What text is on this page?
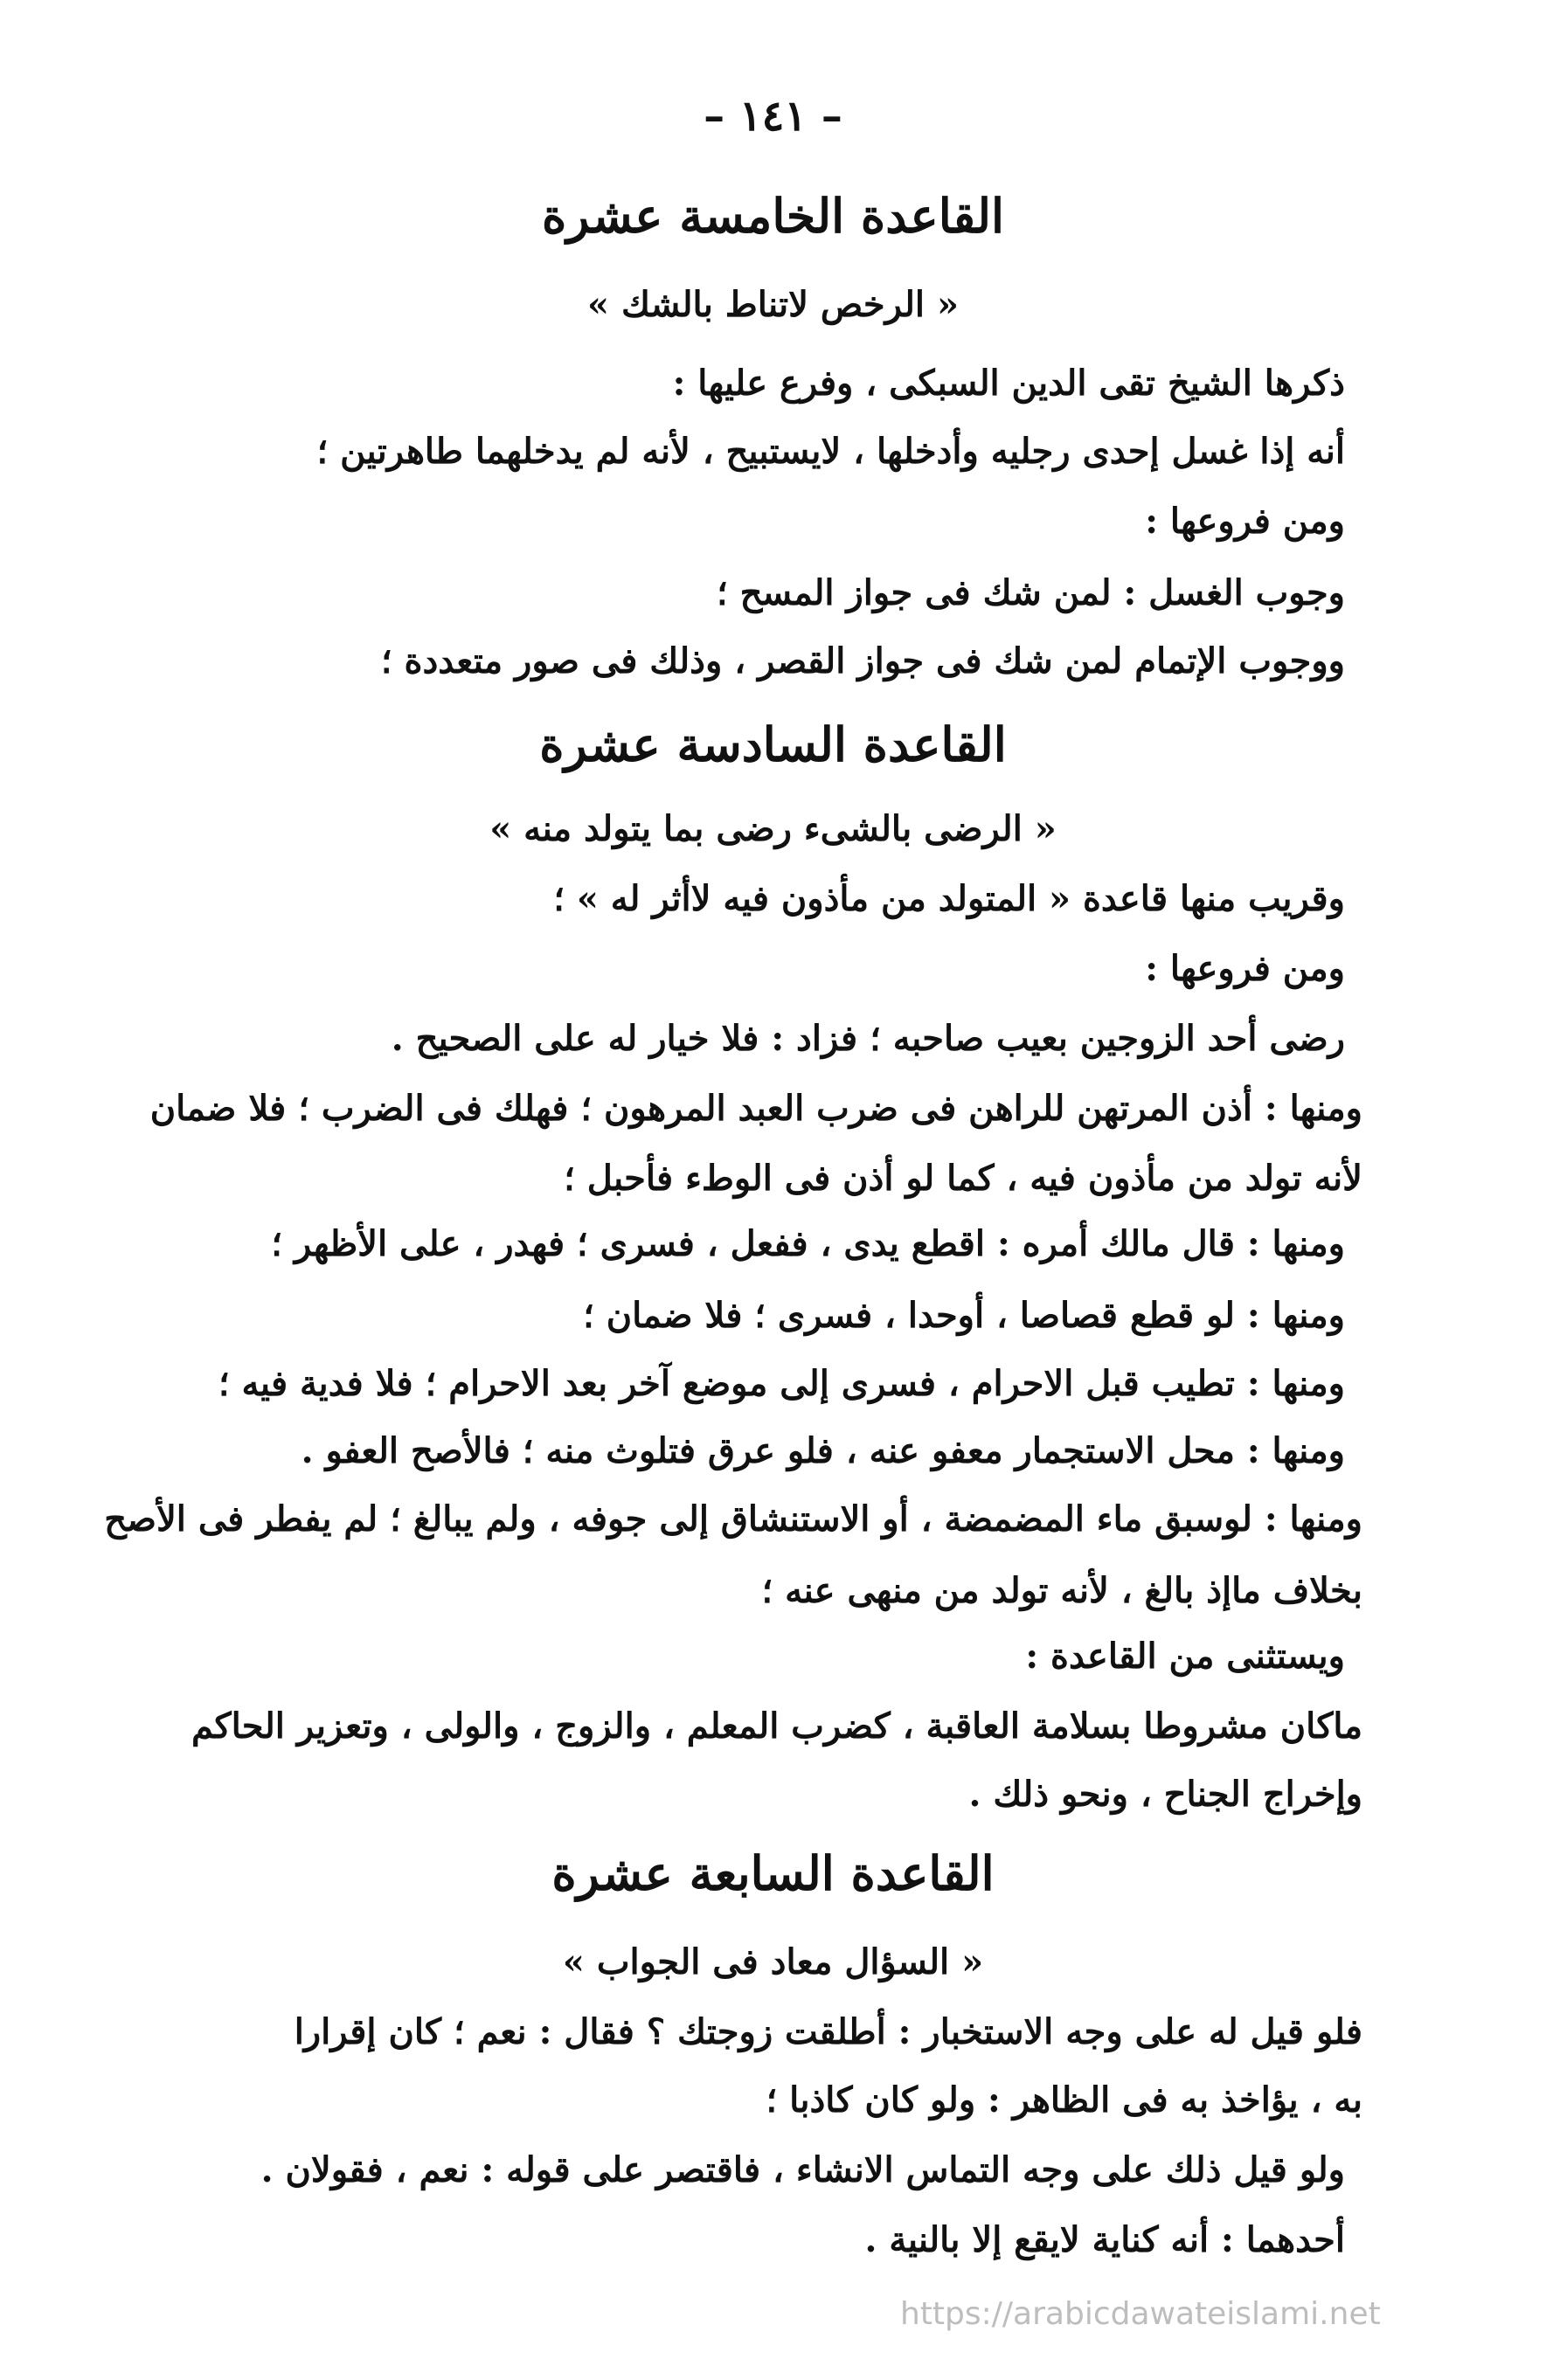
– ١٤١ –
القاعدة الخامسة عشرة
« الرخص لاتناط بالشك »
ذكرها الشيخ تقى الدين السبكى ، وفرع عليها :
أنه إذا غسل إحدى رجليه وأدخلها ، لايستبيح ، لأنه لم يدخلهما طاهرتين ؛
ومن فروعها :
وجوب الغسل : لمن شك فى جواز المسح ؛
ووجوب الإتمام لمن شك فى جواز القصر ، وذلك فى صور متعددة ؛
القاعدة السادسة عشرة
« الرضى بالشىء رضى بما يتولد منه »
وقريب منها قاعدة « المتولد من مأذون فيه لاأثر له » ؛
ومن فروعها :
رضى أحد الزوجين بعيب صاحبه ؛ فزاد : فلا خيار له على الصحيح .
ومنها : أذن المرتهن للراهن فى ضرب العبد المرهون ؛ فهلك فى الضرب ؛ فلا ضمان
لأنه تولد من مأذون فيه ، كما لو أذن فى الوطء فأحبل ؛
ومنها : قال مالك أمره : اقطع يدى ، ففعل ، فسرى ؛ فهدر ، على الأظهر ؛
ومنها : لو قطع قصاصا ، أوحدا ، فسرى ؛ فلا ضمان ؛
ومنها : تطيب قبل الاحرام ، فسرى إلى موضع آخر بعد الاحرام ؛ فلا فدية فيه ؛
ومنها : محل الاستجمار معفو عنه ، فلو عرق فتلوث منه ؛ فالأصح العفو .
ومنها : لوسبق ماء المضمضة ، أو الاستنشاق إلى جوفه ، ولم يبالغ ؛ لم يفطر فى الأصح
بخلاف ماإذ بالغ ، لأنه تولد من منهى عنه ؛
ويستثنى من القاعدة :
ماكان مشروطا بسلامة العاقبة ، كضرب المعلم ، والزوج ، والولى ، وتعزير الحاكم
وإخراج الجناح ، ونحو ذلك .
القاعدة السابعة عشرة
« السؤال معاد فى الجواب »
فلو قيل له على وجه الاستخبار : أطلقت زوجتك ؟ فقال : نعم ؛ كان إقرارا
به ، يؤاخذ به فى الظاهر : ولو كان كاذبا ؛
ولو قيل ذلك على وجه التماس الانشاء ، فاقتصر على قوله : نعم ، فقولان .
أحدهما : أنه كناية لايقع إلا بالنية .
https://arabicdawateislami.net
